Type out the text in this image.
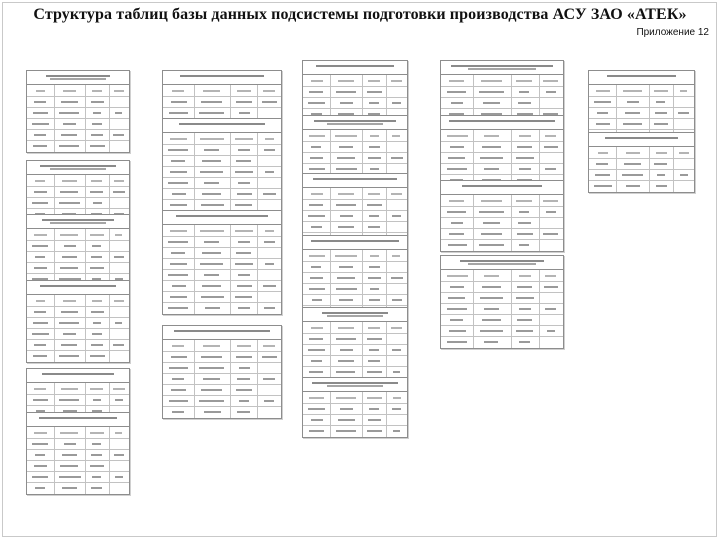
Структура таблиц базы данных подсистемы подготовки производства АСУ ЗАО «АТЕК»
Приложение 12
